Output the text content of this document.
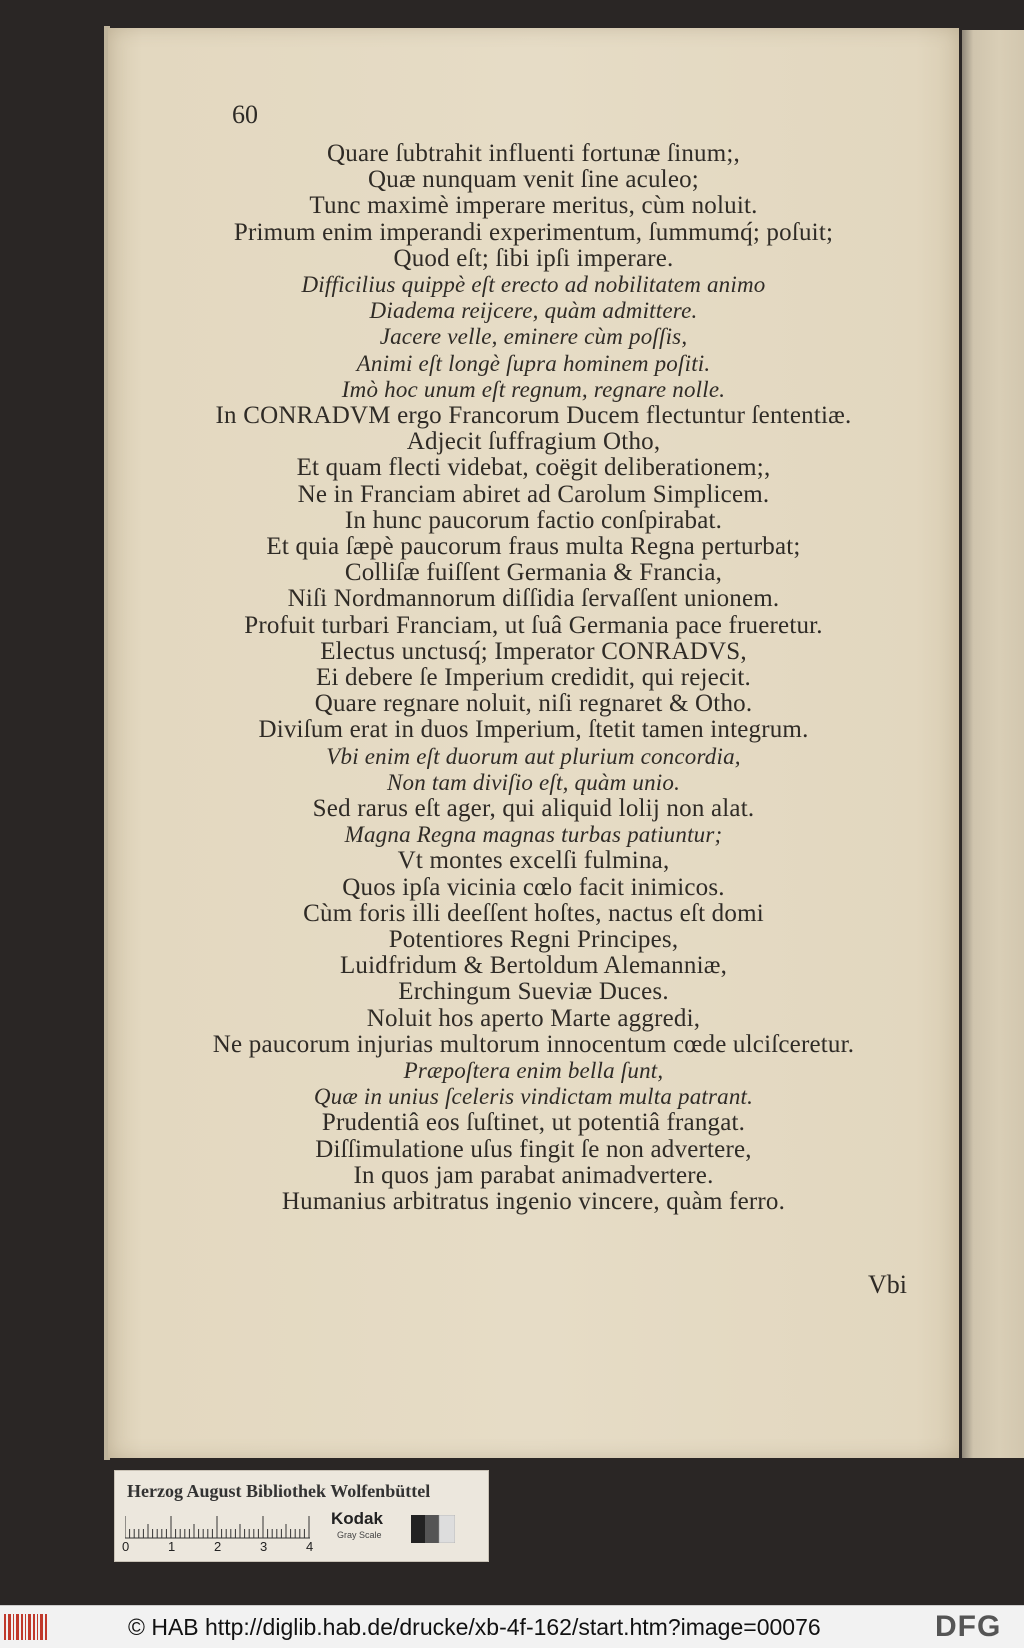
60
Quare ſubtrahit influenti fortunæ ſinum;,
Quæ nunquam venit ſine aculeo;
Tunc maximè imperare meritus, cùm noluit.
Primum enim imperandi experimentum, ſummumq́; poſuit;
Quod eſt; ſibi ipſi imperare.
Difficilius quippè eſt erecto ad nobilitatem animo
Diadema reijcere, quàm admittere.
Jacere velle, eminere cùm poſſis,
Animi eſt longè ſupra hominem poſiti.
Imò hoc unum eſt regnum, regnare nolle.
In CONRADVM ergo Francorum Ducem flectuntur ſententiæ.
Adjecit ſuffragium Otho,
Et quam flecti videbat, coëgit deliberationem;,
Ne in Franciam abiret ad Carolum Simplicem.
In hunc paucorum factio conſpirabat.
Et quia ſæpè paucorum fraus multa Regna perturbat;
Colliſæ fuiſſent Germania & Francia,
Niſi Nordmannorum diſſidia ſervaſſent unionem.
Profuit turbari Franciam, ut ſuâ Germania pace frueretur.
Electus unctusq́; Imperator CONRADVS,
Ei debere ſe Imperium credidit, qui rejecit.
Quare regnare noluit, niſi regnaret & Otho.
Diviſum erat in duos Imperium, ſtetit tamen integrum.
Vbi enim eſt duorum aut plurium concordia,
Non tam diviſio eſt, quàm unio.
Sed rarus eſt ager, qui aliquid lolij non alat.
Magna Regna magnas turbas patiuntur;
Vt montes excelſi fulmina,
Quos ipſa vicinia cœlo facit inimicos.
Cùm foris illi deeſſent hoſtes, nactus eſt domi
Potentiores Regni Principes,
Luidfridum & Bertoldum Alemanniæ,
Erchingum Sueviæ Duces.
Noluit hos aperto Marte aggredi,
Ne paucorum injurias multorum innocentum cœde ulciſceretur.
Præpoſtera enim bella ſunt,
Quæ in unius ſceleris vindictam multa patrant.
Prudentiâ eos ſuſtinet, ut potentiâ frangat.
Diſſimulatione uſus fingit ſe non advertere,
In quos jam parabat animadvertere.
Humanius arbitratus ingenio vincere, quàm ferro.
Vbi
Herzog August Bibliothek Wolfenbüttel
0	1	2	3	4
Kodak
Gray Scale
© HAB http://diglib.hab.de/drucke/xb-4f-162/start.htm?image=00076	DFG
